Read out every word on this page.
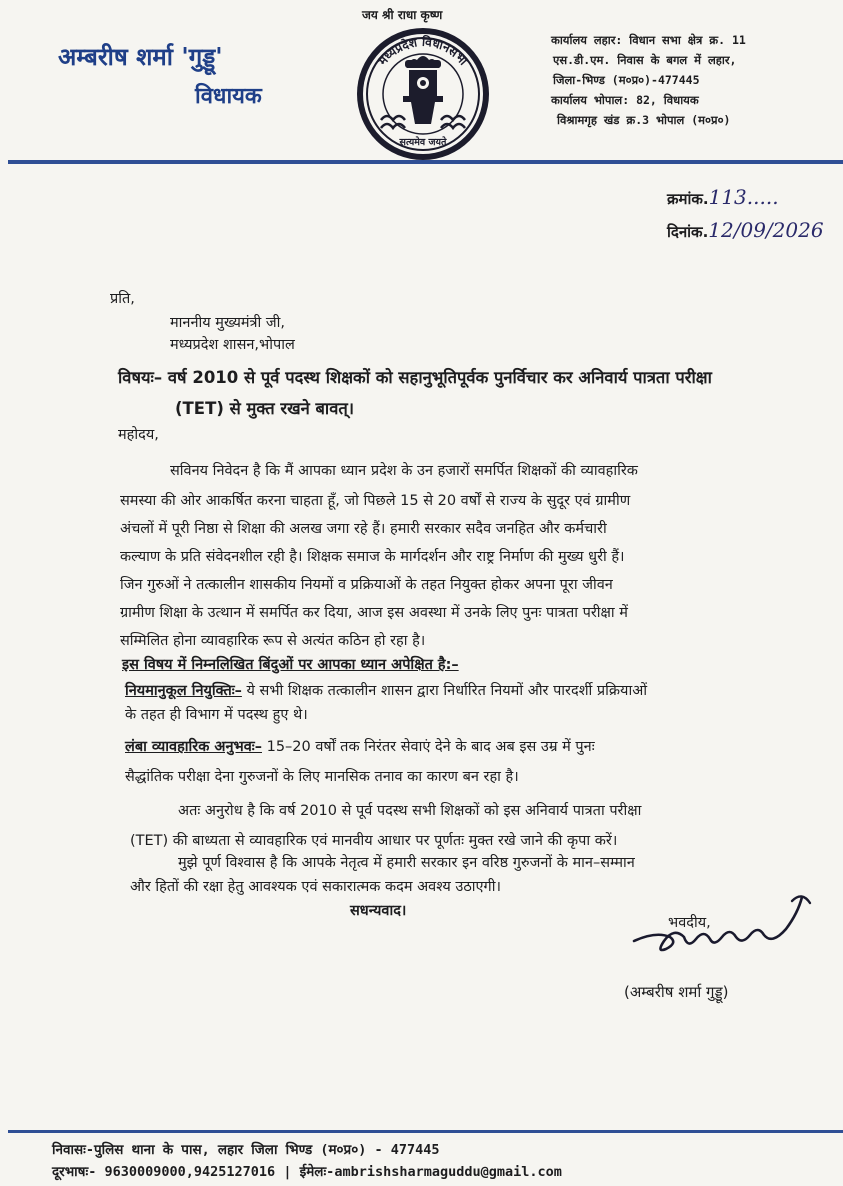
जय श्री राधा कृष्ण
अम्बरीष शर्मा 'गुड्डू'
विधायक
मध्यप्रदेश विधानसभा
सत्यमेव जयते
कार्यालय लहार: विधान सभा क्षेत्र क्र. 11
एस.डी.एम. निवास के बगल में लहार,
जिला-भिण्ड (म०प्र०)-477445
कार्यालय भोपाल: 82, विधायक
विश्रामगृह खंड क्र.3 भोपाल (म०प्र०)
क्रमांक.113.....
दिनांक.12/09/2026
प्रति,
माननीय मुख्यमंत्री जी,
मध्यप्रदेश शासन,भोपाल
विषयः– वर्ष 2010 से पूर्व पदस्थ शिक्षकों को सहानुभूतिपूर्वक पुनर्विचार कर अनिवार्य पात्रता परीक्षा
(TET) से मुक्त रखने बावत्।
महोदय,
सविनय निवेदन है कि मैं आपका ध्यान प्रदेश के उन हजारों समर्पित शिक्षकों की व्यावहारिक
समस्या की ओर आकर्षित करना चाहता हूँ, जो पिछले 15 से 20 वर्षों से राज्य के सुदूर एवं ग्रामीण
अंचलों में पूरी निष्ठा से शिक्षा की अलख जगा रहे हैं। हमारी सरकार सदैव जनहित और कर्मचारी
कल्याण के प्रति संवेदनशील रही है। शिक्षक समाज के मार्गदर्शन और राष्ट्र निर्माण की मुख्य धुरी हैं।
जिन गुरुओं ने तत्कालीन शासकीय नियमों व प्रक्रियाओं के तहत नियुक्त होकर अपना पूरा जीवन
ग्रामीण शिक्षा के उत्थान में समर्पित कर दिया, आज इस अवस्था में उनके लिए पुनः पात्रता परीक्षा में
सम्मिलित होना व्यावहारिक रूप से अत्यंत कठिन हो रहा है।
इस विषय में निम्नलिखित बिंदुओं पर आपका ध्यान अपेक्षित है:–
नियमानुकूल नियुक्तिः– ये सभी शिक्षक तत्कालीन शासन द्वारा निर्धारित नियमों और पारदर्शी प्रक्रियाओं
के तहत ही विभाग में पदस्थ हुए थे।
लंबा व्यावहारिक अनुभवः– 15–20 वर्षों तक निरंतर सेवाएं देने के बाद अब इस उम्र में पुनः
सैद्धांतिक परीक्षा देना गुरुजनों के लिए मानसिक तनाव का कारण बन रहा है।
अतः अनुरोध है कि वर्ष 2010 से पूर्व पदस्थ सभी शिक्षकों को इस अनिवार्य पात्रता परीक्षा
(TET) की बाध्यता से व्यावहारिक एवं मानवीय आधार पर पूर्णतः मुक्त रखे जाने की कृपा करें।
मुझे पूर्ण विश्वास है कि आपके नेतृत्व में हमारी सरकार इन वरिष्ठ गुरुजनों के मान–सम्मान
और हितों की रक्षा हेतु आवश्यक एवं सकारात्मक कदम अवश्य उठाएगी।
सधन्यवाद।
भवदीय,
(अम्बरीष शर्मा गुड्डू)
निवासः-पुलिस थाना के पास, लहार जिला भिण्ड (म०प्र०) - 477445
दूरभाषः- 9630009000,9425127016 | ईमेलः-ambrishsharmaguddu@gmail.com
